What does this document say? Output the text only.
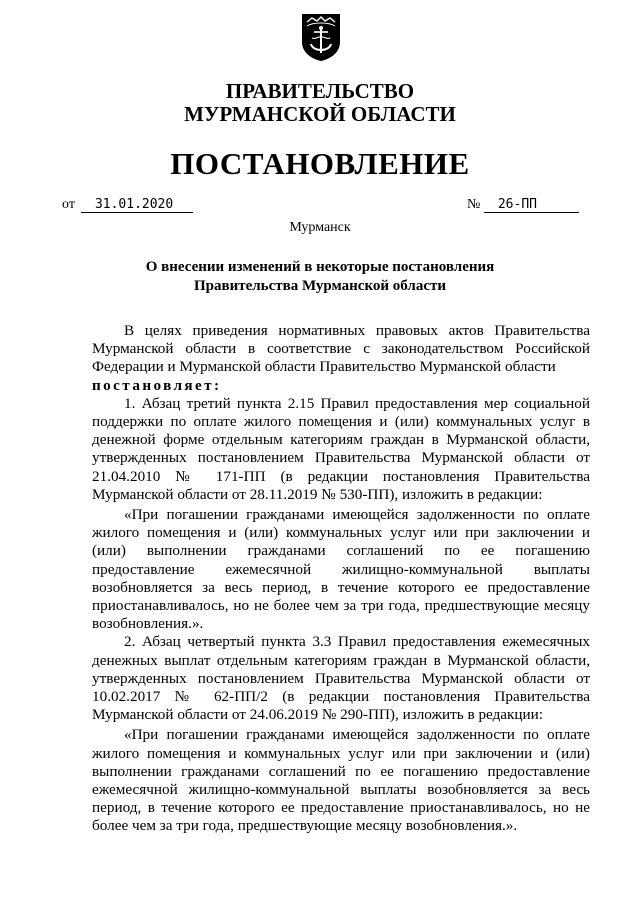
ПРАВИТЕЛЬСТВО
МУРМАНСКОЙ ОБЛАСТИ
ПОСТАНОВЛЕНИЕ
от 31.01.2020	№ 26-ПП
Мурманск
О внесении изменений в некоторые постановления
Правительства Мурманской области

В целях приведения нормативных правовых актов Правительства Мурманской области в соответствие с законодательством Российской Федерации и Мурманской области Правительство Мурманской области
постановляет:

1. Абзац третий пункта 2.15 Правил предоставления мер социальной поддержки по оплате жилого помещения и (или) коммунальных услуг в денежной форме отдельным категориям граждан в Мурманской области, утвержденных постановлением Правительства Мурманской области от 21.04.2010 № 171-ПП (в редакции постановления Правительства Мурманской области от 28.11.2019 № 530-ПП), изложить в редакции:

«При погашении гражданами имеющейся задолженности по оплате жилого помещения и (или) коммунальных услуг или при заключении и (или) выполнении гражданами соглашений по ее погашению предоставление ежемесячной жилищно-коммунальной выплаты возобновляется за весь период, в течение которого ее предоставление приостанавливалось, но не более чем за три года, предшествующие месяцу возобновления.».

2. Абзац четвертый пункта 3.3 Правил предоставления ежемесячных денежных выплат отдельным категориям граждан в Мурманской области, утвержденных постановлением Правительства Мурманской области от 10.02.2017 № 62-ПП/2 (в редакции постановления Правительства Мурманской области от 24.06.2019 № 290-ПП), изложить в редакции:

«При погашении гражданами имеющейся задолженности по оплате жилого помещения и коммунальных услуг или при заключении и (или) выполнении гражданами соглашений по ее погашению предоставление ежемесячной жилищно-коммунальной выплаты возобновляется за весь период, в течение которого ее предоставление приостанавливалось, но не более чем за три года, предшествующие месяцу возобновления.».
